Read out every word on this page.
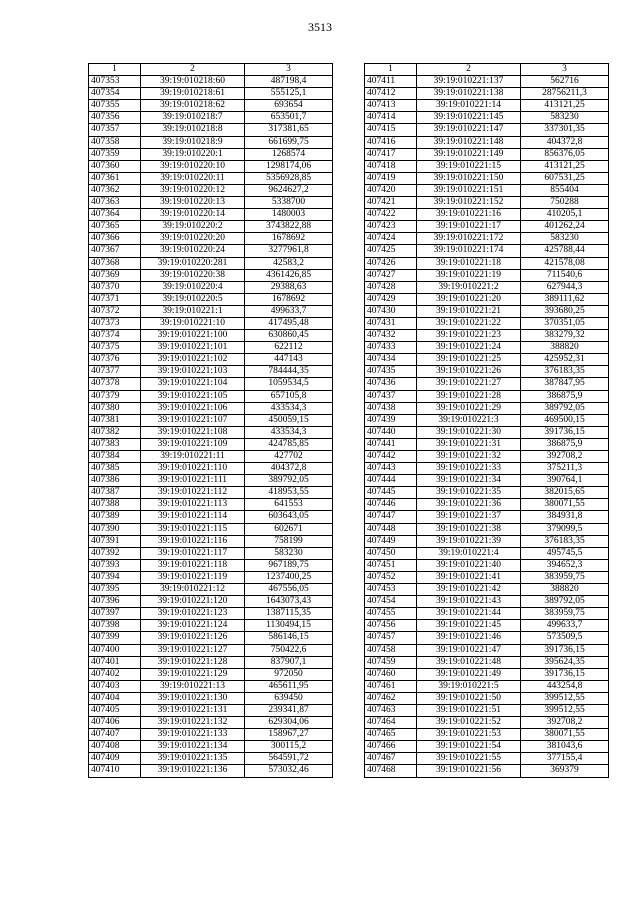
3513
1	2	3
407353	39:19:010218:60	487198,4
407354	39:19:010218:61	555125,1
407355	39:19:010218:62	693654
407356	39:19:010218:7	653501,7
407357	39:19:010218:8	317381,65
407358	39:19:010218:9	661699,75
407359	39:19:010220:1	1268574
407360	39:19:010220:10	1298174,06
407361	39:19:010220:11	5356928,85
407362	39:19:010220:12	9624627,2
407363	39:19:010220:13	5338700
407364	39:19:010220:14	1480003
407365	39:19:010220:2	3743822,88
407366	39:19:010220:20	1678692
407367	39:19:010220:24	3277961,8
407368	39:19:010220:281	42583,2
407369	39:19:010220:38	4361426,85
407370	39:19:010220:4	29388,63
407371	39:19:010220:5	1678692
407372	39:19:010221:1	499633,7
407373	39:19:010221:10	417495,48
407374	39:19:010221:100	630860,45
407375	39:19:010221:101	622112
407376	39:19:010221:102	447143
407377	39:19:010221:103	784444,35
407378	39:19:010221:104	1059534,5
407379	39:19:010221:105	657105,8
407380	39:19:010221:106	433534,3
407381	39:19:010221:107	450059,15
407382	39:19:010221:108	433534,3
407383	39:19:010221:109	424785,85
407384	39:19:010221:11	427702
407385	39:19:010221:110	404372,8
407386	39:19:010221:111	389792,05
407387	39:19:010221:112	418953,55
407388	39:19:010221:113	641553
407389	39:19:010221:114	603643,05
407390	39:19:010221:115	602671
407391	39:19:010221:116	758199
407392	39:19:010221:117	583230
407393	39:19:010221:118	967189,75
407394	39:19:010221:119	1237400,25
407395	39:19:010221:12	467556,05
407396	39:19:010221:120	1643073,43
407397	39:19:010221:123	1387115,35
407398	39:19:010221:124	1130494,15
407399	39:19:010221:126	586146,15
407400	39:19:010221:127	750422,6
407401	39:19:010221:128	837907,1
407402	39:19:010221:129	972050
407403	39:19:010221:13	465611,95
407404	39:19:010221:130	639450
407405	39:19:010221:131	239341,87
407406	39:19:010221:132	629304,06
407407	39:19:010221:133	158967,27
407408	39:19:010221:134	300115,2
407409	39:19:010221:135	564591,72
407410	39:19:010221:136	573032,46
1	2	3
407411	39:19:010221:137	562716
407412	39:19:010221:138	28756211,3
407413	39:19:010221:14	413121,25
407414	39:19:010221:145	583230
407415	39:19:010221:147	337301,35
407416	39:19:010221:148	404372,8
407417	39:19:010221:149	856376,05
407418	39:19:010221:15	413121,25
407419	39:19:010221:150	607531,25
407420	39:19:010221:151	855404
407421	39:19:010221:152	750288
407422	39:19:010221:16	410205,1
407423	39:19:010221:17	401262,24
407424	39:19:010221:172	583230
407425	39:19:010221:174	425788,44
407426	39:19:010221:18	421578,08
407427	39:19:010221:19	711540,6
407428	39:19:010221:2	627944,3
407429	39:19:010221:20	389111,62
407430	39:19:010221:21	393680,25
407431	39:19:010221:22	370351,05
407432	39:19:010221:23	383279,32
407433	39:19:010221:24	388820
407434	39:19:010221:25	425952,31
407435	39:19:010221:26	376183,35
407436	39:19:010221:27	387847,95
407437	39:19:010221:28	386875,9
407438	39:19:010221:29	389792,05
407439	39:19:010221:3	469500,15
407440	39:19:010221:30	391736,15
407441	39:19:010221:31	386875,9
407442	39:19:010221:32	392708,2
407443	39:19:010221:33	375211,3
407444	39:19:010221:34	390764,1
407445	39:19:010221:35	382015,65
407446	39:19:010221:36	380071,55
407447	39:19:010221:37	384931,8
407448	39:19:010221:38	379099,5
407449	39:19:010221:39	376183,35
407450	39:19:010221:4	495745,5
407451	39:19:010221:40	394652,3
407452	39:19:010221:41	383959,75
407453	39:19:010221:42	388820
407454	39:19:010221:43	389792,05
407455	39:19:010221:44	383959,75
407456	39:19:010221:45	499633,7
407457	39:19:010221:46	573509,5
407458	39:19:010221:47	391736,15
407459	39:19:010221:48	395624,35
407460	39:19:010221:49	391736,15
407461	39:19:010221:5	443254,8
407462	39:19:010221:50	399512,55
407463	39:19:010221:51	399512,55
407464	39:19:010221:52	392708,2
407465	39:19:010221:53	380071,55
407466	39:19:010221:54	381043,6
407467	39:19:010221:55	377155,4
407468	39:19:010221:56	369379
